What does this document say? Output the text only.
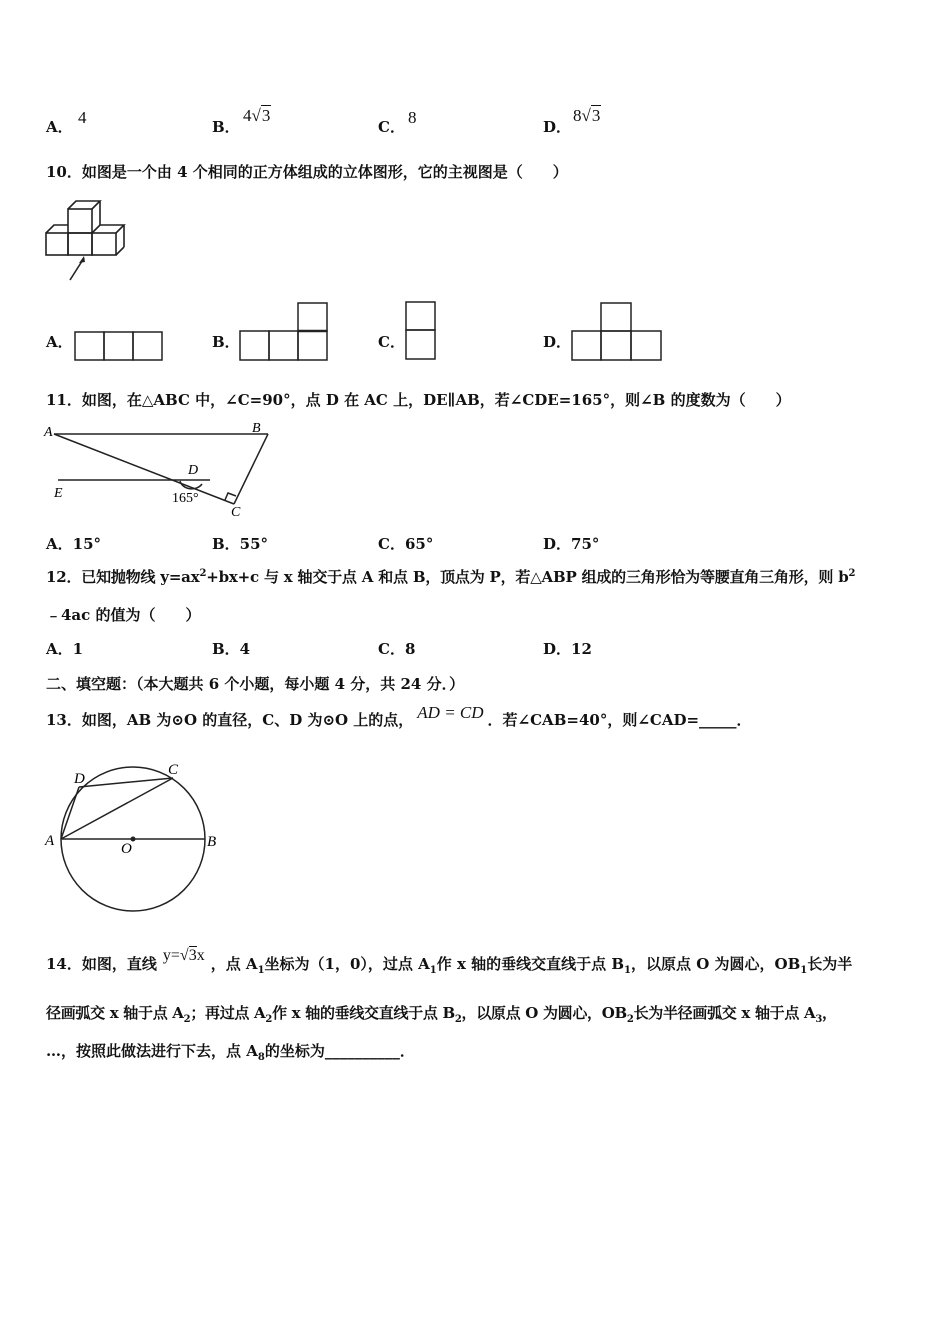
A． 4	B．
4√3
C． 8	D．
8√3
10．如图是一个由 4 个相同的正方体组成的立体图形，它的主视图是（　　）
A．	B．	C．	D．
11．如图，在△ABC 中，∠C=90°，点 D 在 AC 上，DE∥AB，若∠CDE=165°，则∠B 的度数为（　　）
A	B
C
D
E	165°
A．15°	B．55°	C．65°	D．75°
12．已知抛物线 $y=ax^2+bx+c$ 与 x 轴交于点 A 和点 B，顶点为 P，若△ABP 组成的三角形恰为等腰直角三角形，则 $b^2$
﹣4ac 的值为（　　）
A．1	B．4	C．8	D．12
二、填空题：（本大题共 6 个小题，每小题 4 分，共 24 分．）
13．如图，AB 为⊙O 的直径，C、D 为⊙O 上的点， AD = CD ．若∠CAB=40°，则∠CAD=_____．
A	B
C
D
O
14．如图，直线 y=√3x ，点 $A_1$坐标为（1，0），过点 $A_1$作 x 轴的垂线交直线于点 $B_1$，以原点 O 为圆心，$OB_1$长为半
径画弧交 x 轴于点 $A_2$；再过点 $A_2$作 x 轴的垂线交直线于点 $B_2$，以原点 O 为圆心，$OB_2$长为半径画弧交 x 轴于点 $A_3$，
…，按照此做法进行下去，点 $A_8$的坐标为__________．
